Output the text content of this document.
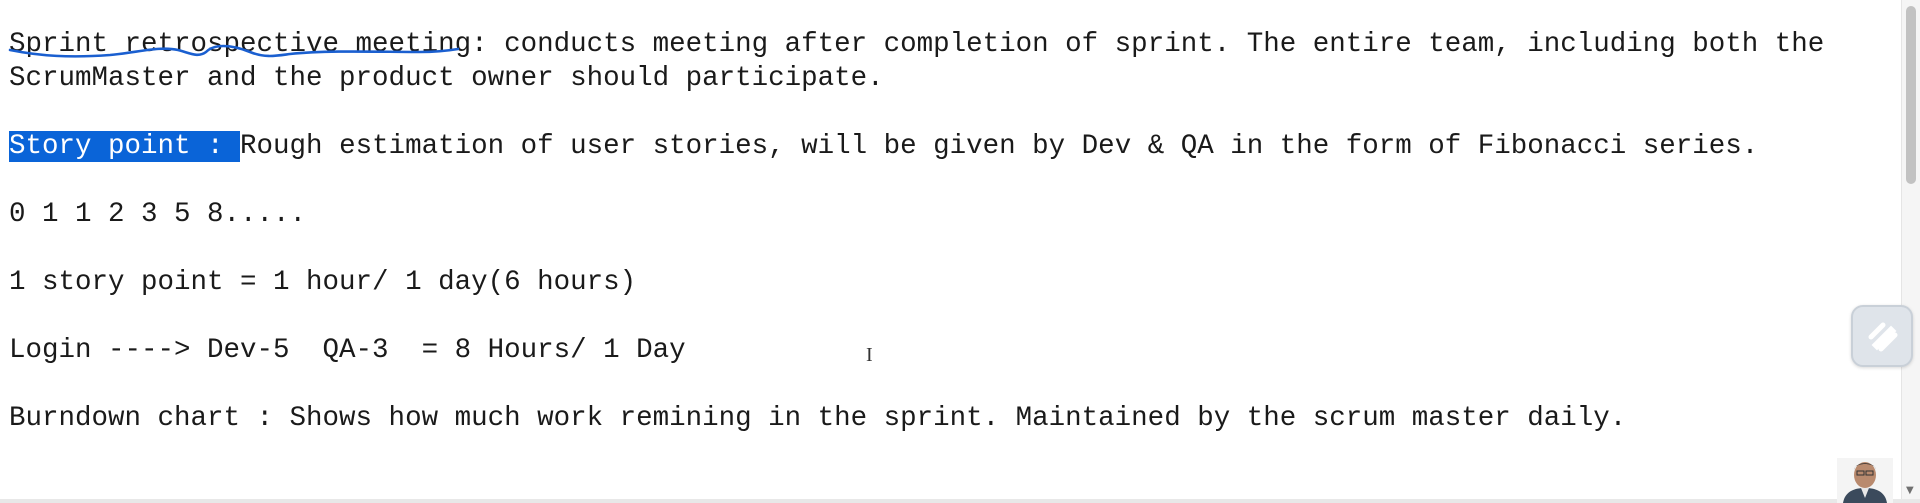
Sprint retrospective meeting: conducts meeting after completion of sprint. The entire team, including both the
ScrumMaster and the product owner should participate.
Story point : Rough estimation of user stories, will be given by Dev & QA in the form of Fibonacci series.
0 1 1 2 3 5 8.....
1 story point = 1 hour/ 1 day(6 hours)
Login ----> Dev-5  QA-3  = 8 Hours/ 1 Day
Burndown chart : Shows how much work remining in the sprint. Maintained by the scrum master daily.
I
▼
